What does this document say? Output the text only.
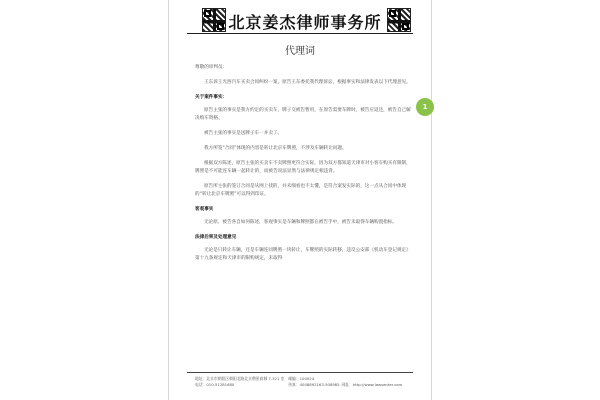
北京姜杰律师事务所
代理词

尊敬的审判员：

王东诉王光西汽车买卖合同纠纷一案，原告王东委托我代理诉讼，根据事实和法律发表以下代理意见。

关于案件事实：

原告主张的事实是我方约定的买卖车，牌子交被告暂用，在原告需要车牌时，被告应返还，被告自己解决购车资格。

被告主张的事实是送牌子车一并卖了。

我方所签“合同”体现的内容是转让北京车牌照，不涉及车辆转让问题。

根据双方陈述，原告主张的买卖车不卖牌照更符合实际，因为双方都知道天津市对小客车购买有限制，牌照是不可能连车辆一起转让的，而被告说法显然与法律规定相违背。

原告所主张的签订合同是从网上找的，并未细看也不太懂，是符合案发实际的，这一点从合同中体现的“转让北京车牌照”可以得到印证。

客观事实

无论原、被告各自如何陈述，客观事实是车辆和牌照都在被告手中，被告未取得车辆购置指标。

法律后果及处理意见

无论是只转让车辆，还是车辆连同牌照一块转让，车牌照的实际转移，违反公安部《机动车登记规定》第十九条规定和天津市的限购规定，未取得

地址：北京市朝阳区朝阳北路北京僧景商城 7-321 室 邮编：100024
电话：010-51281680	传真：4008892163-508985 网址：http://www.lawsenter.com
1
